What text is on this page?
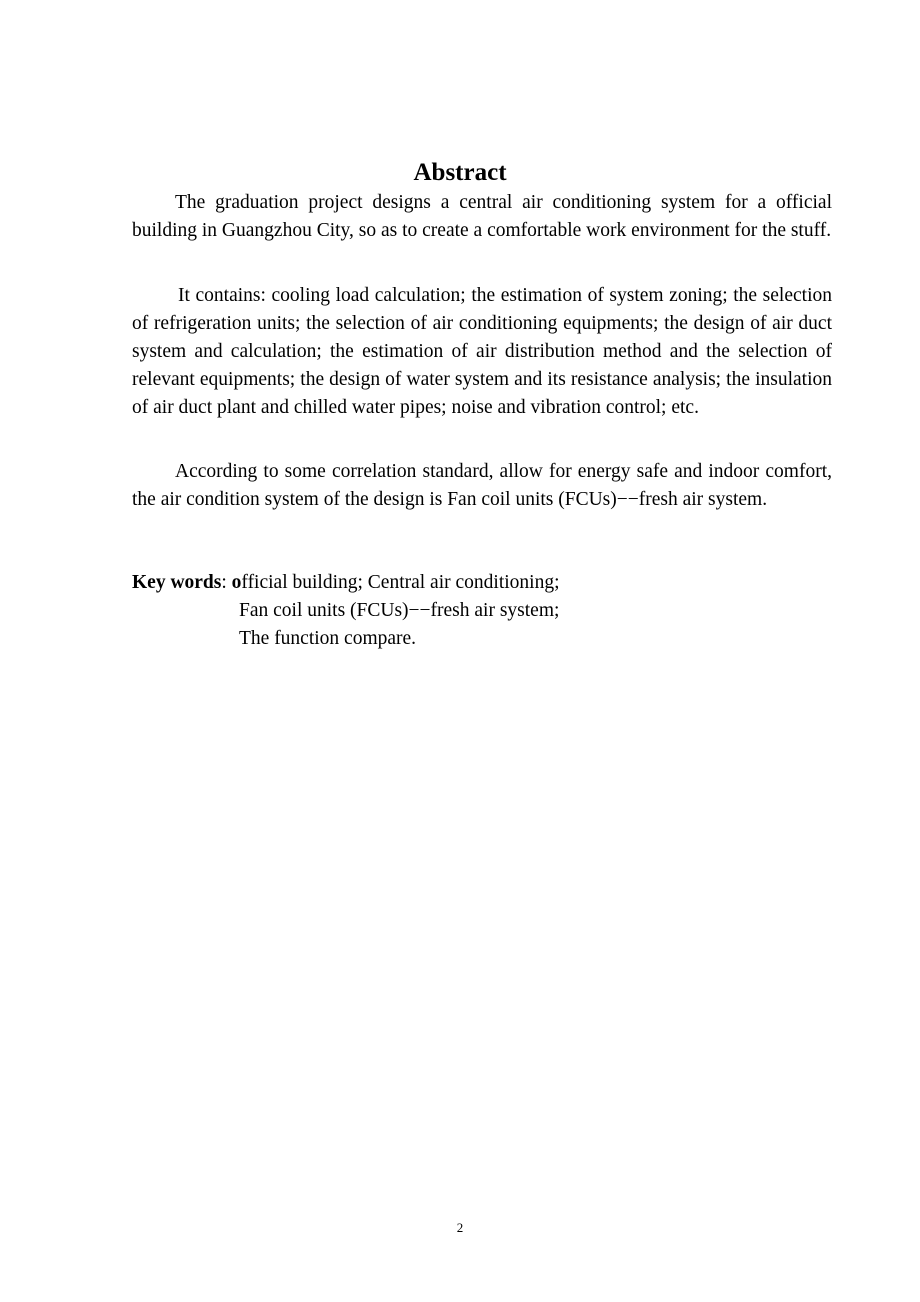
Abstract

The graduation project designs a central air conditioning system for a official building in Guangzhou City, so as to create a comfortable work environment for the stuff.

It contains: cooling load calculation; the estimation of system zoning; the selection of refrigeration units; the selection of air conditioning equipments; the design of air duct system and calculation; the estimation of air distribution method and the selection of relevant equipments; the design of water system and its resistance analysis; the insulation of air duct plant and chilled water pipes; noise and vibration control; etc.

According to some correlation standard, allow for energy safe and indoor comfort, the air condition system of the design is Fan coil units (FCUs)−−fresh air system.

Key words: official building; Central air conditioning;
Fan coil units (FCUs)−−fresh air system;
The function compare.
2
